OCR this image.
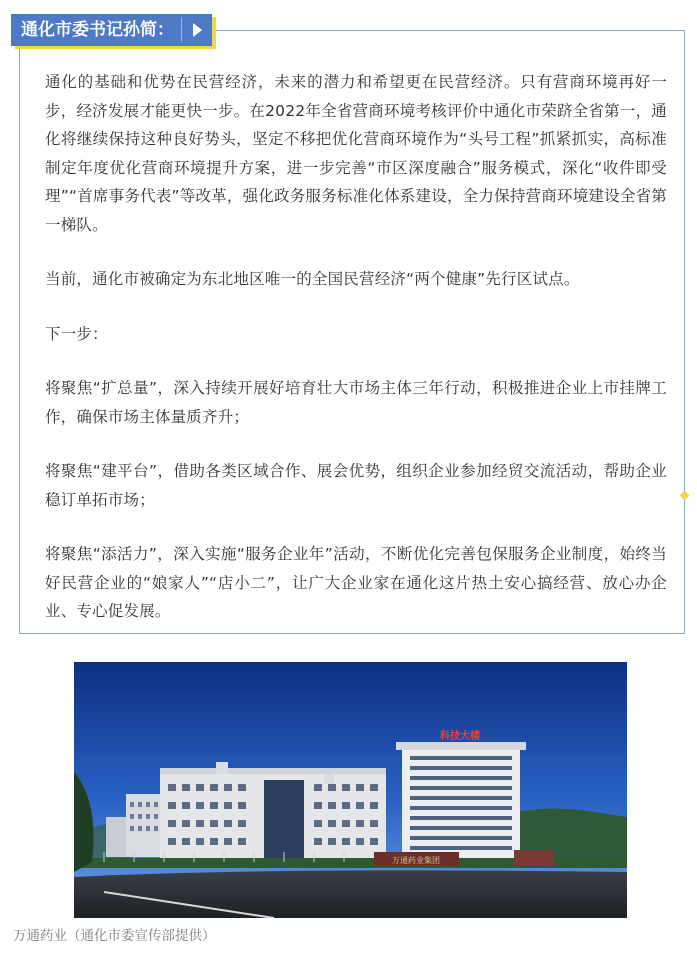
通化市委书记孙简：

通化的基础和优势在民营经济，未来的潜力和希望更在民营经济。只有营商环境再好一步，经济发展才能更快一步。在2022年全省营商环境考核评价中通化市荣跻全省第一，通化将继续保持这种良好势头，坚定不移把优化营商环境作为“头号工程”抓紧抓实，高标准制定年度优化营商环境提升方案，进一步完善“市区深度融合”服务模式，深化“收件即受理”“首席事务代表”等改革，强化政务服务标准化体系建设，全力保持营商环境建设全省第一梯队。

当前，通化市被确定为东北地区唯一的全国民营经济“两个健康”先行区试点。

下一步：

将聚焦“扩总量”，深入持续开展好培育壮大市场主体三年行动，积极推进企业上市挂牌工作，确保市场主体量质齐升；

将聚焦“建平台”，借助各类区域合作、展会优势，组织企业参加经贸交流活动，帮助企业稳订单拓市场；

将聚焦“添活力”，深入实施“服务企业年”活动，不断优化完善包保服务企业制度，始终当好民营企业的“娘家人”“店小二”，让广大企业家在通化这片热土安心搞经营、放心办企业、专心促发展。

科技大楼
万通药业集团
万通药业（通化市委宣传部提供）
